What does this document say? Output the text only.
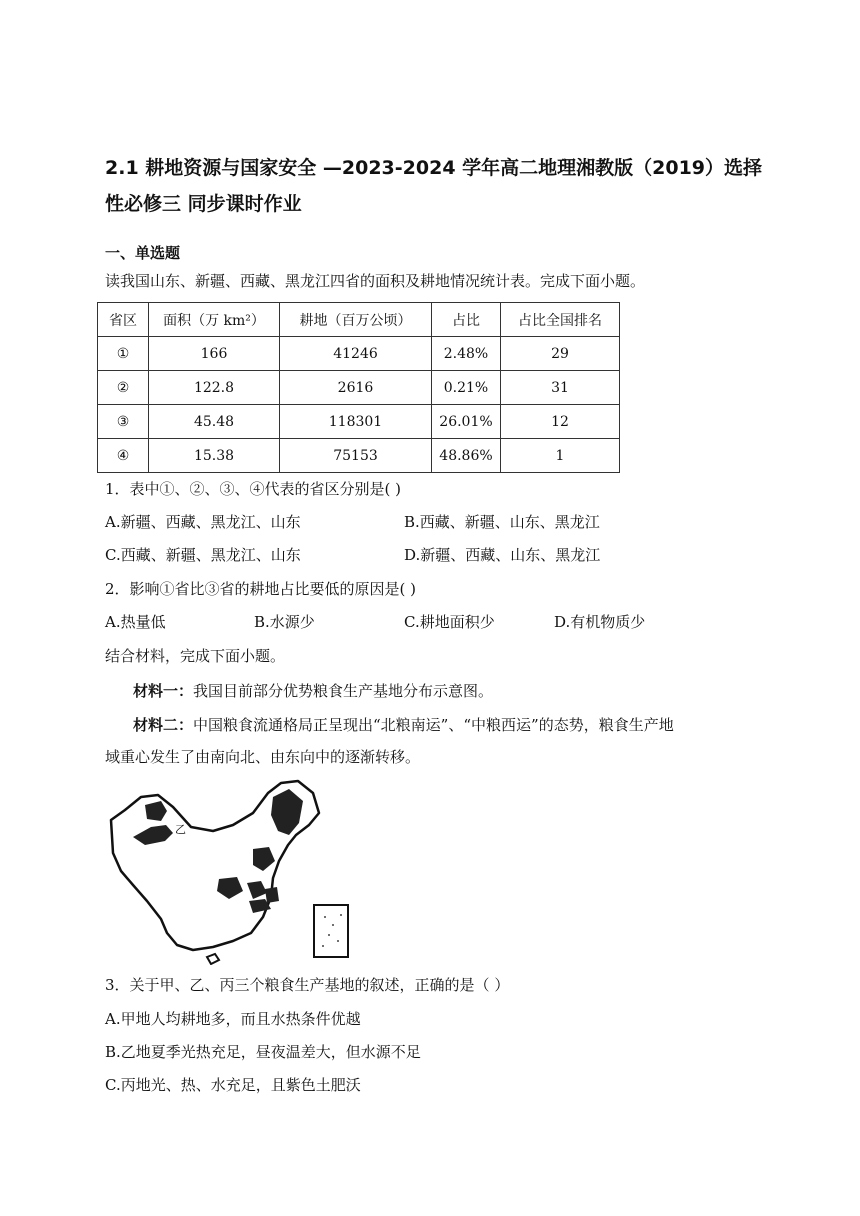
2.1 耕地资源与国家安全 —2023-2024 学年高二地理湘教版（2019）选择性必修三 同步课时作业
一、单选题

读我国山东、新疆、西藏、黑龙江四省的面积及耕地情况统计表。完成下面小题。

省区	面积（万 km²）	耕地（百万公顷）	占比	占比全国排名
①	166	41246	2.48%	29
②	122.8	2616	0.21%	31
③	45.48	118301	26.01%	12
④	15.38	75153	48.86%	1

1．表中①、②、③、④代表的省区分别是( )

A.新疆、西藏、黑龙江、山东	B.西藏、新疆、山东、黑龙江
C.西藏、新疆、黑龙江、山东	D.新疆、西藏、山东、黑龙江

2．影响①省比③省的耕地占比要低的原因是( )

A.热量低	B.水源少	C.耕地面积少	D.有机物质少

结合材料，完成下面小题。

材料一：我国目前部分优势粮食生产基地分布示意图。

材料二：中国粮食流通格局正呈现出“北粮南运”、“中粮西运”的态势，粮食生产地

域重心发生了由南向北、由东向中的逐渐转移。

乙

3．关于甲、乙、丙三个粮食生产基地的叙述，正确的是（ ）

A.甲地人均耕地多，而且水热条件优越

B.乙地夏季光热充足，昼夜温差大，但水源不足

C.丙地光、热、水充足，且紫色土肥沃
